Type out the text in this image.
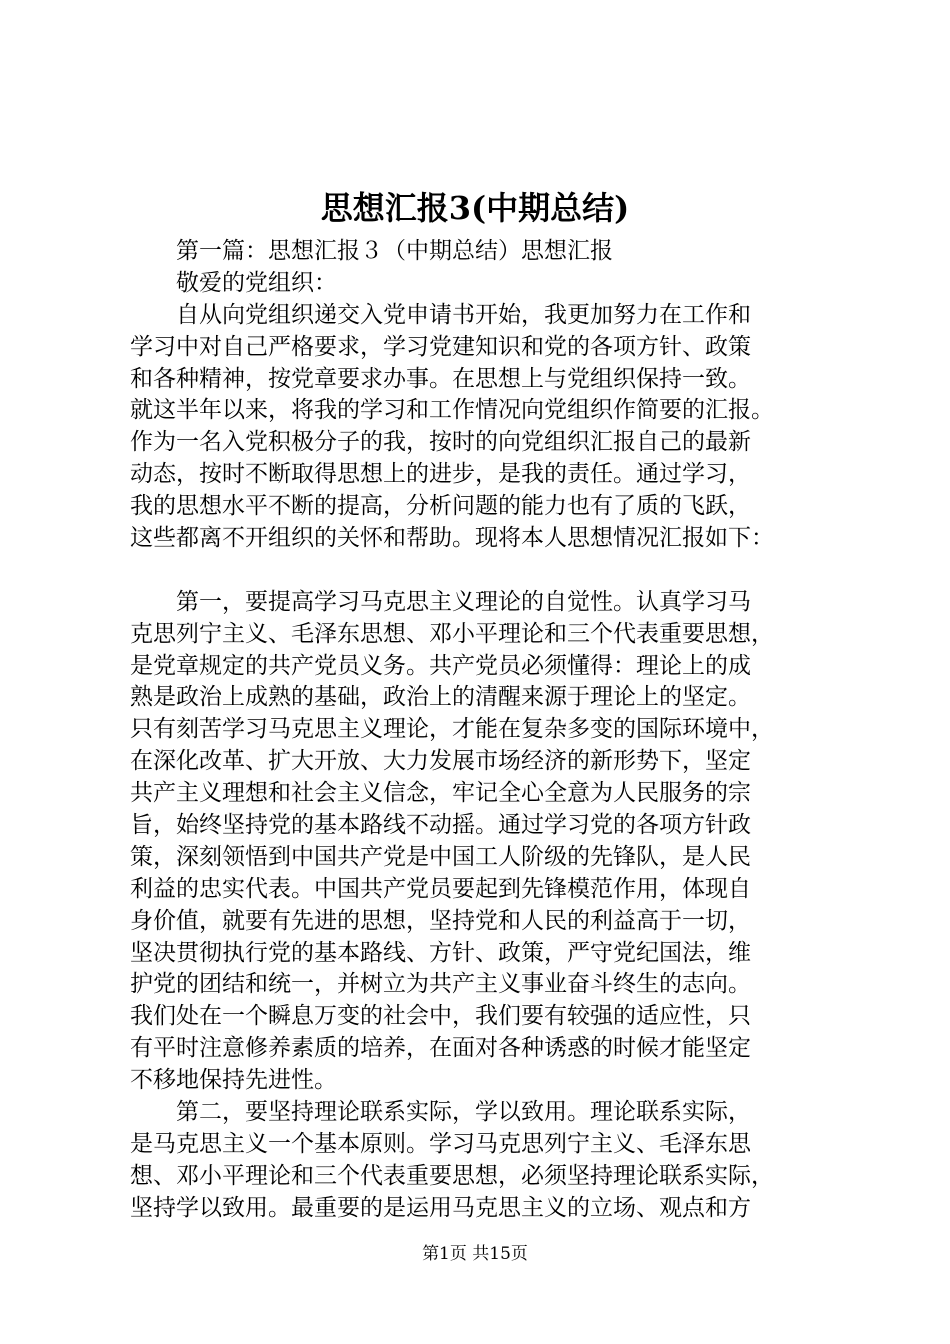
思想汇报3(中期总结)
　　第一篇：思想汇报３（中期总结）思想汇报
　　敬爱的党组织：
　　自从向党组织递交入党申请书开始，我更加努力在工作和
学习中对自己严格要求，学习党建知识和党的各项方针、政策
和各种精神，按党章要求办事。在思想上与党组织保持一致。
就这半年以来，将我的学习和工作情况向党组织作简要的汇报。
作为一名入党积极分子的我，按时的向党组织汇报自己的最新
动态，按时不断取得思想上的进步，是我的责任。通过学习，
我的思想水平不断的提高，分析问题的能力也有了质的飞跃，
这些都离不开组织的关怀和帮助。现将本人思想情况汇报如下：
　　第一，要提高学习马克思主义理论的自觉性。认真学习马
克思列宁主义、毛泽东思想、邓小平理论和三个代表重要思想，
是党章规定的共产党员义务。共产党员必须懂得：理论上的成
熟是政治上成熟的基础，政治上的清醒来源于理论上的坚定。
只有刻苦学习马克思主义理论，才能在复杂多变的国际环境中，
在深化改革、扩大开放、大力发展市场经济的新形势下，坚定
共产主义理想和社会主义信念，牢记全心全意为人民服务的宗
旨，始终坚持党的基本路线不动摇。通过学习党的各项方针政
策，深刻领悟到中国共产党是中国工人阶级的先锋队，是人民
利益的忠实代表。中国共产党员要起到先锋模范作用，体现自
身价值，就要有先进的思想，坚持党和人民的利益高于一切，
坚决贯彻执行党的基本路线、方针、政策，严守党纪国法，维
护党的团结和统一，并树立为共产主义事业奋斗终生的志向。
我们处在一个瞬息万变的社会中，我们要有较强的适应性，只
有平时注意修养素质的培养，在面对各种诱惑的时候才能坚定
不移地保持先进性。
　　第二，要坚持理论联系实际，学以致用。理论联系实际，
是马克思主义一个基本原则。学习马克思列宁主义、毛泽东思
想、邓小平理论和三个代表重要思想，必须坚持理论联系实际，
坚持学以致用。最重要的是运用马克思主义的立场、观点和方
第1页 共15页
